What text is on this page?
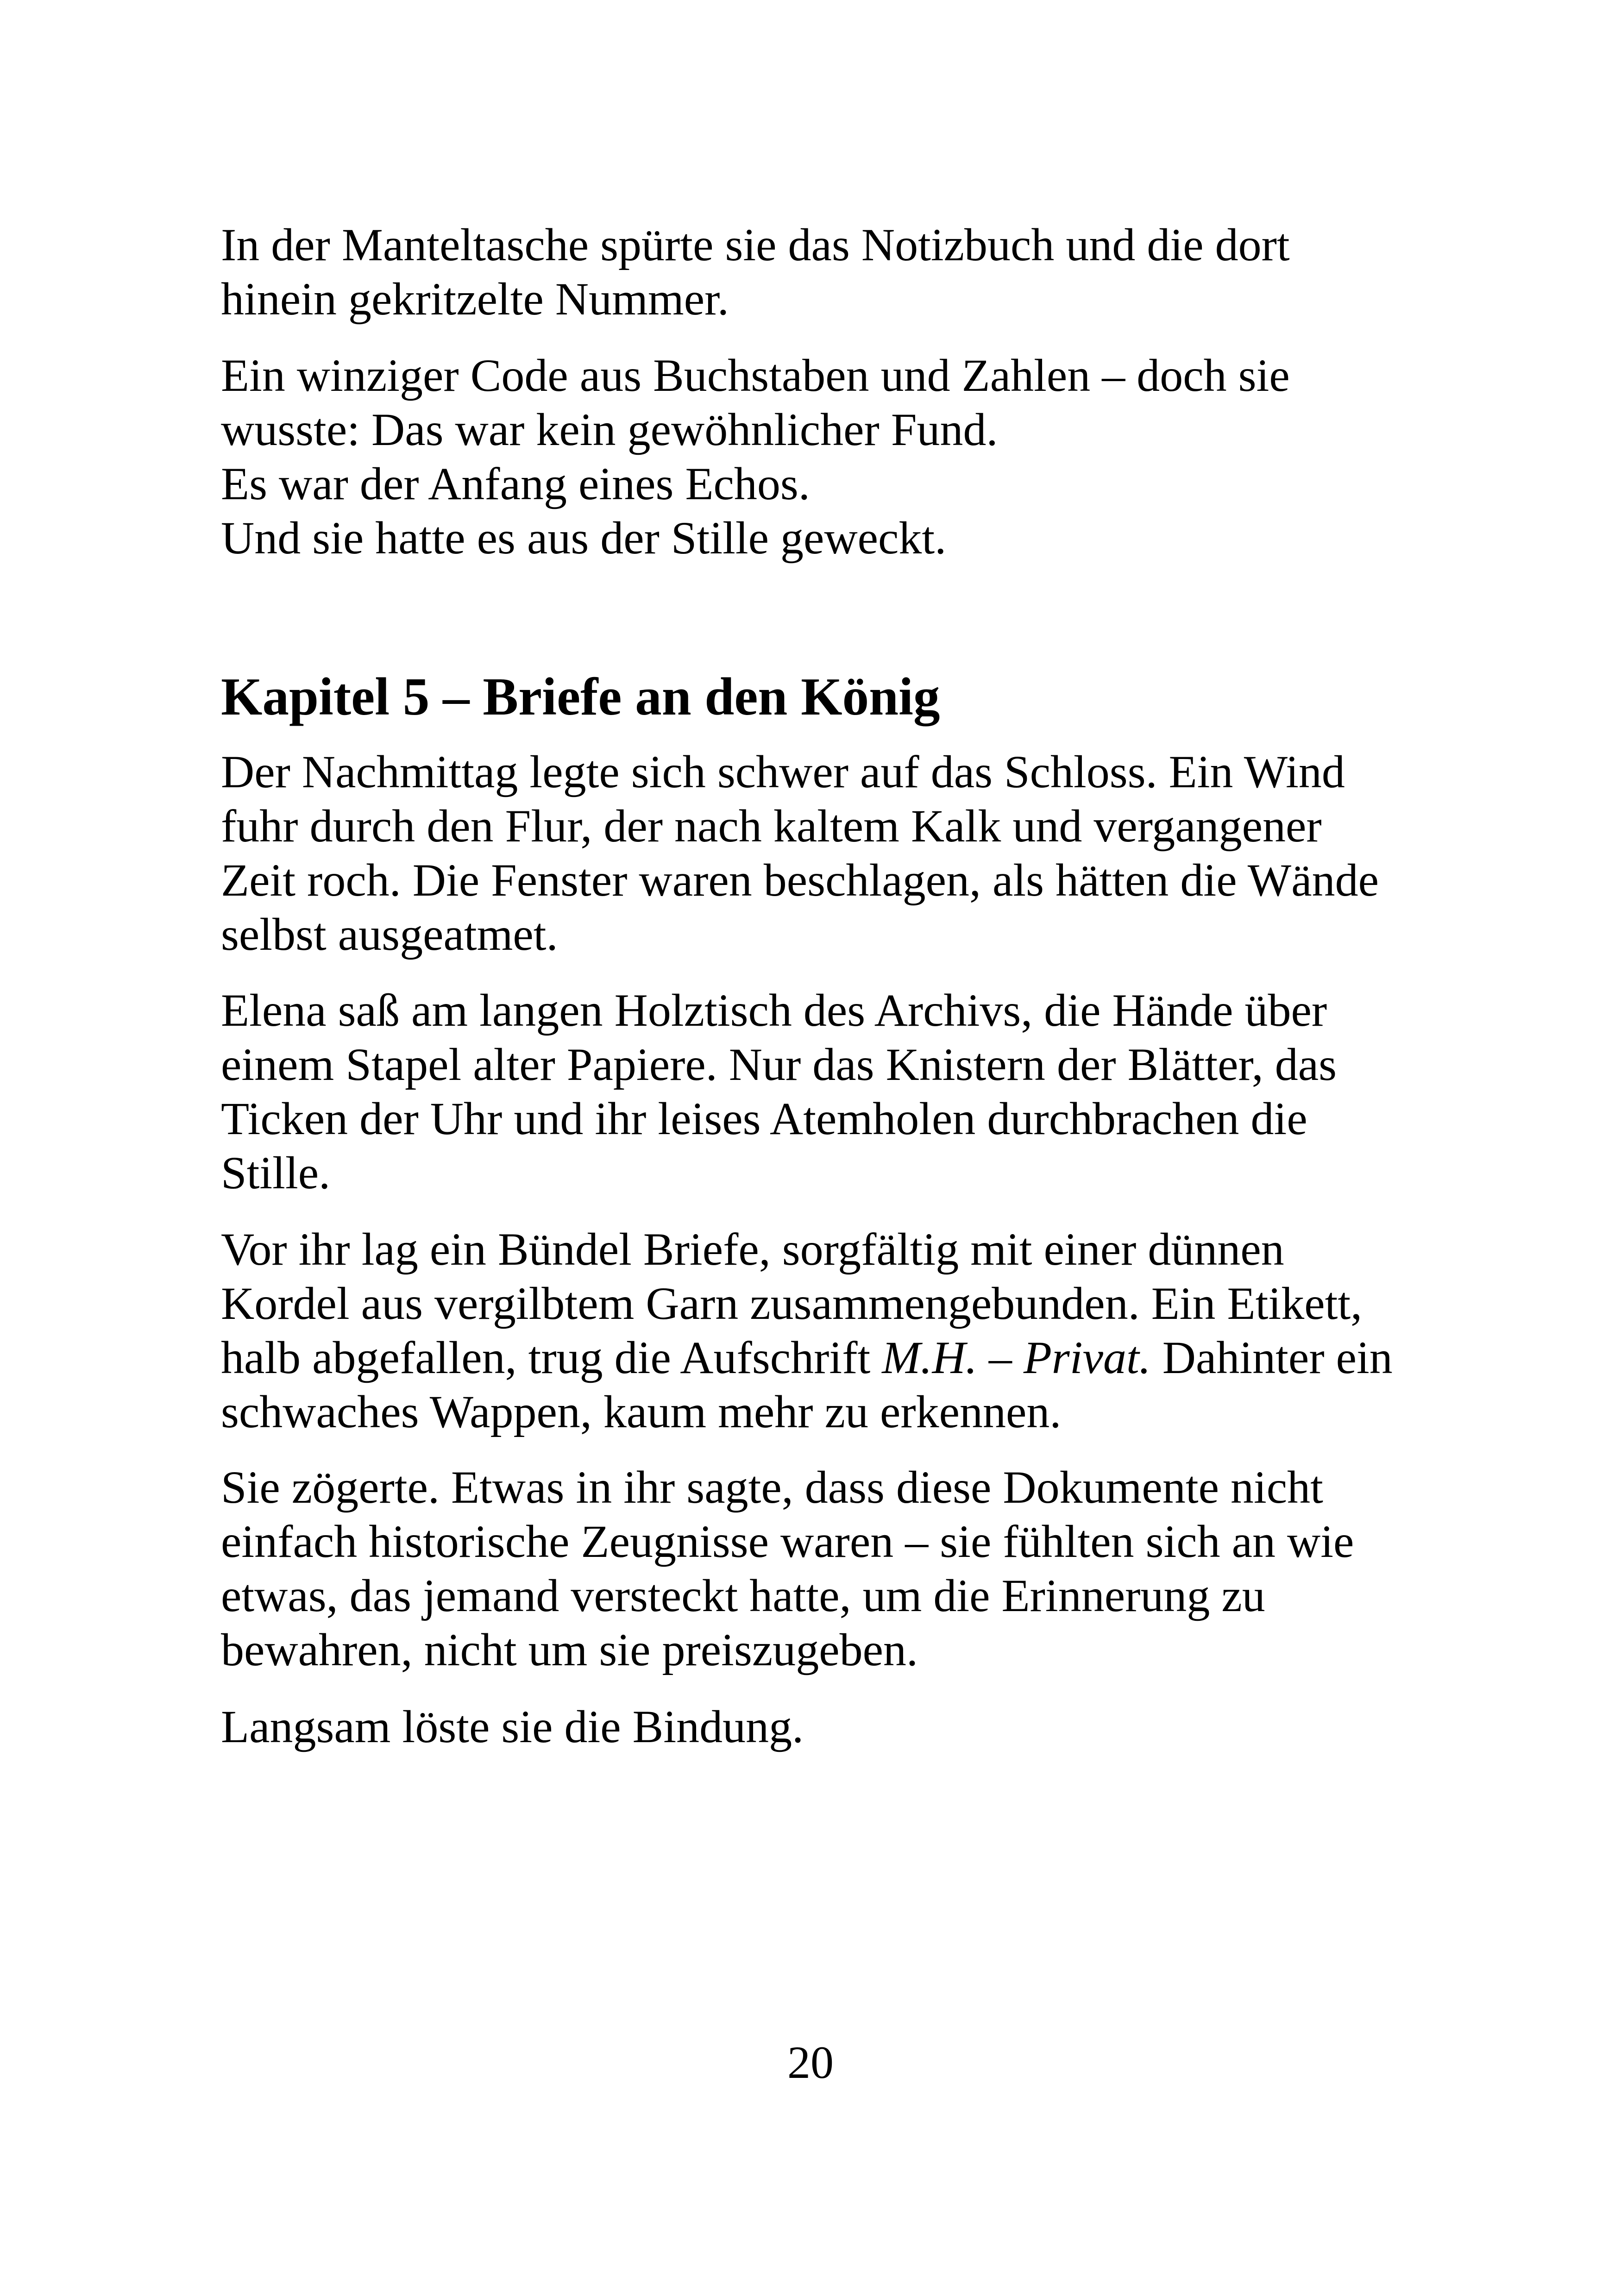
In der Manteltasche spürte sie das Notizbuch und die dort
hinein gekritzelte Nummer.
Ein winziger Code aus Buchstaben und Zahlen – doch sie
wusste: Das war kein gewöhnlicher Fund.
Es war der Anfang eines Echos.
Und sie hatte es aus der Stille geweckt.
Kapitel 5 – Briefe an den König
Der Nachmittag legte sich schwer auf das Schloss. Ein Wind
fuhr durch den Flur, der nach kaltem Kalk und vergangener
Zeit roch. Die Fenster waren beschlagen, als hätten die Wände
selbst ausgeatmet.
Elena saß am langen Holztisch des Archivs, die Hände über
einem Stapel alter Papiere. Nur das Knistern der Blätter, das
Ticken der Uhr und ihr leises Atemholen durchbrachen die
Stille.
Vor ihr lag ein Bündel Briefe, sorgfältig mit einer dünnen
Kordel aus vergilbtem Garn zusammengebunden. Ein Etikett,
halb abgefallen, trug die Aufschrift M.H. – Privat. Dahinter ein
schwaches Wappen, kaum mehr zu erkennen.
Sie zögerte. Etwas in ihr sagte, dass diese Dokumente nicht
einfach historische Zeugnisse waren – sie fühlten sich an wie
etwas, das jemand versteckt hatte, um die Erinnerung zu
bewahren, nicht um sie preiszugeben.
Langsam löste sie die Bindung.
20
